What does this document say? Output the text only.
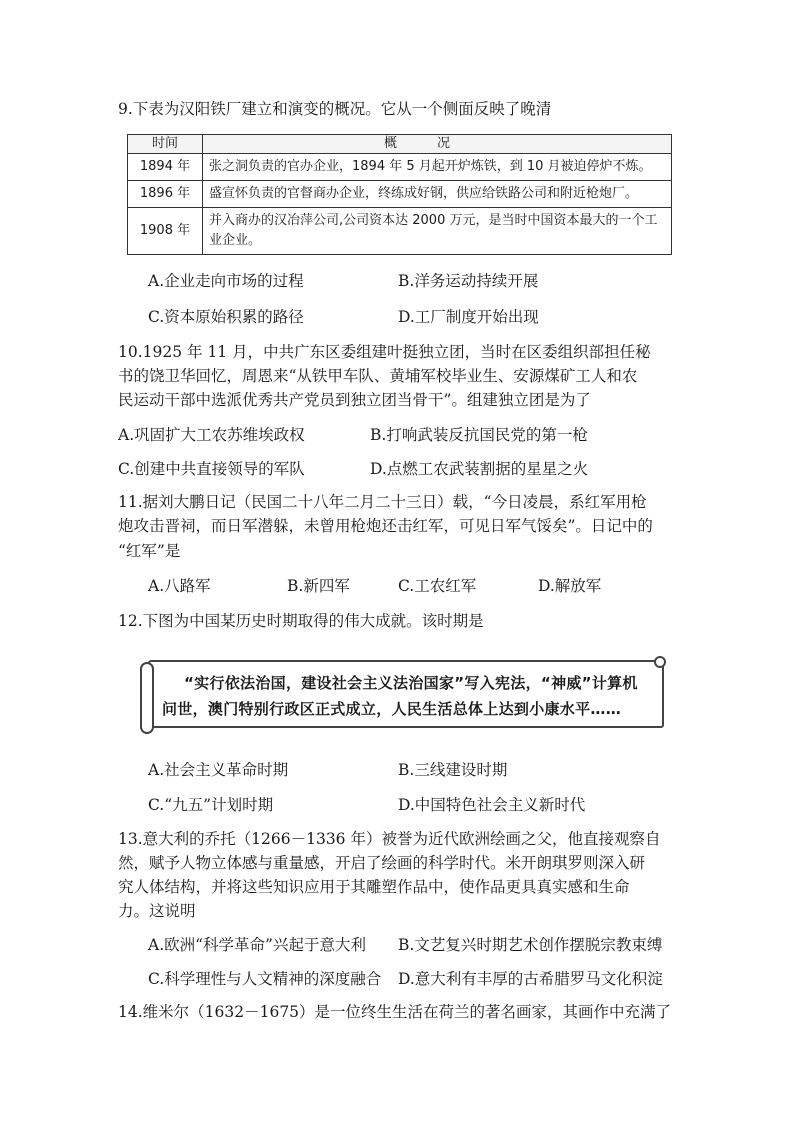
9.下表为汉阳铁厂建立和演变的概况。它从一个侧面反映了晚清
时间	概况
1894 年	张之洞负责的官办企业，1894 年 5 月起开炉炼铁，到 10 月被迫停炉不炼。
1896 年	盛宣怀负责的官督商办企业，终练成好钢，供应给铁路公司和附近枪炮厂。
1908 年	并入商办的汉冶萍公司,公司资本达 2000 万元，是当时中国资本最大的一个工业企业。
A.企业走向市场的过程	B.洋务运动持续开展
C.资本原始积累的路径	D.工厂制度开始出现
10.1925 年 11 月，中共广东区委组建叶挺独立团，当时在区委组织部担任秘
书的饶卫华回忆，周恩来“从铁甲车队、黄埔军校毕业生、安源煤矿工人和农
民运动干部中选派优秀共产党员到独立团当骨干”。组建独立团是为了
A.巩固扩大工农苏维埃政权	B.打响武装反抗国民党的第一枪
C.创建中共直接领导的军队	D.点燃工农武装割据的星星之火
11.据刘大鹏日记（民国二十八年二月二十三日）载，“今日凌晨，系红军用枪
炮攻击晋祠，而日军潜躲，未曾用枪炮还击红军，可见日军气馁矣”。日记中的
“红军”是
A.八路军	B.新四军	C.工农红军	D.解放军
12.下图为中国某历史时期取得的伟大成就。该时期是
“实行依法治国，建设社会主义法治国家”写入宪法，“神威”计算机
问世，澳门特别行政区正式成立，人民生活总体上达到小康水平……
A.社会主义革命时期	B.三线建设时期
C.“九五”计划时期	D.中国特色社会主义新时代
13.意大利的乔托（1266－1336 年）被誉为近代欧洲绘画之父，他直接观察自
然，赋予人物立体感与重量感，开启了绘画的科学时代。米开朗琪罗则深入研
究人体结构，并将这些知识应用于其雕塑作品中，使作品更具真实感和生命
力。这说明
A.欧洲“科学革命”兴起于意大利 B.文艺复兴时期艺术创作摆脱宗教束缚
C.科学理性与人文精神的深度融合 D.意大利有丰厚的古希腊罗马文化积淀
14.维米尔（1632－1675）是一位终生生活在荷兰的著名画家，其画作中充满了
